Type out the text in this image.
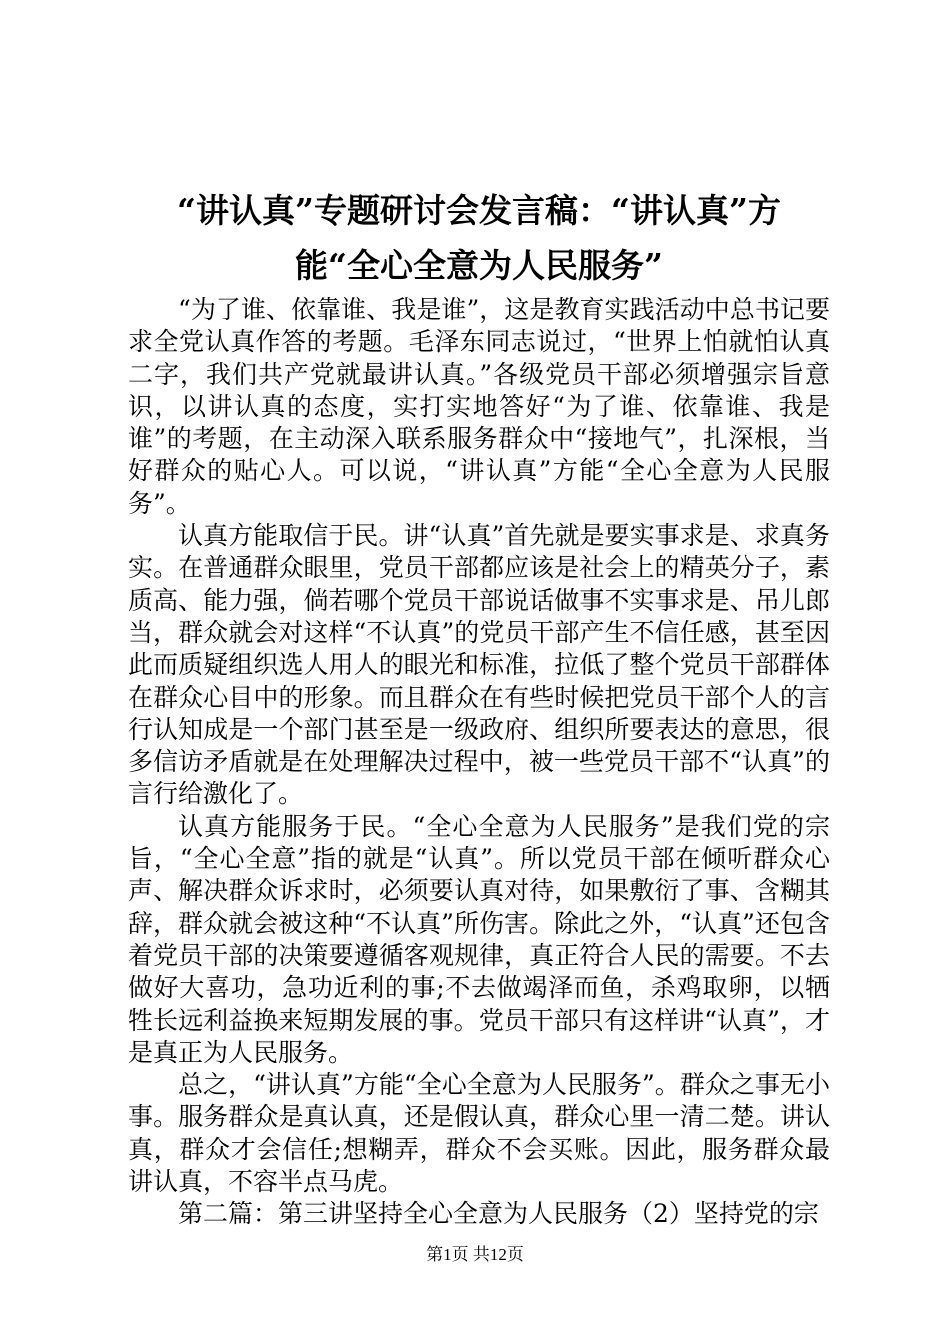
“讲认真”专题研讨会发言稿：“讲认真”方
能“全心全意为人民服务”

“为了谁、依靠谁、我是谁”，这是教育实践活动中总书记要求全党认真作答的考题。毛泽东同志说过，“世界上怕就怕认真二字，我们共产党就最讲认真。”各级党员干部必须增强宗旨意识，以讲认真的态度，实打实地答好“为了谁、依靠谁、我是谁”的考题，在主动深入联系服务群众中“接地气”，扎深根，当好群众的贴心人。可以说，“讲认真”方能“全心全意为人民服务”。

认真方能取信于民。讲“认真”首先就是要实事求是、求真务实。在普通群众眼里，党员干部都应该是社会上的精英分子，素质高、能力强，倘若哪个党员干部说话做事不实事求是、吊儿郎当，群众就会对这样“不认真”的党员干部产生不信任感，甚至因此而质疑组织选人用人的眼光和标准，拉低了整个党员干部群体在群众心目中的形象。而且群众在有些时候把党员干部个人的言行认知成是一个部门甚至是一级政府、组织所要表达的意思，很多信访矛盾就是在处理解决过程中，被一些党员干部不“认真”的言行给激化了。

认真方能服务于民。“全心全意为人民服务”是我们党的宗旨，“全心全意”指的就是“认真”。所以党员干部在倾听群众心声、解决群众诉求时，必须要认真对待，如果敷衍了事、含糊其辞，群众就会被这种“不认真”所伤害。除此之外，“认真”还包含着党员干部的决策要遵循客观规律，真正符合人民的需要。不去做好大喜功，急功近利的事;不去做竭泽而鱼，杀鸡取卵，以牺牲长远利益换来短期发展的事。党员干部只有这样讲“认真”，才是真正为人民服务。

总之，“讲认真”方能“全心全意为人民服务”。群众之事无小事。服务群众是真认真，还是假认真，群众心里一清二楚。讲认真，群众才会信任;想糊弄，群众不会买账。因此，服务群众最讲认真，不容半点马虎。

第二篇：第三讲坚持全心全意为人民服务（2）坚持党的宗

第1页 共12页
